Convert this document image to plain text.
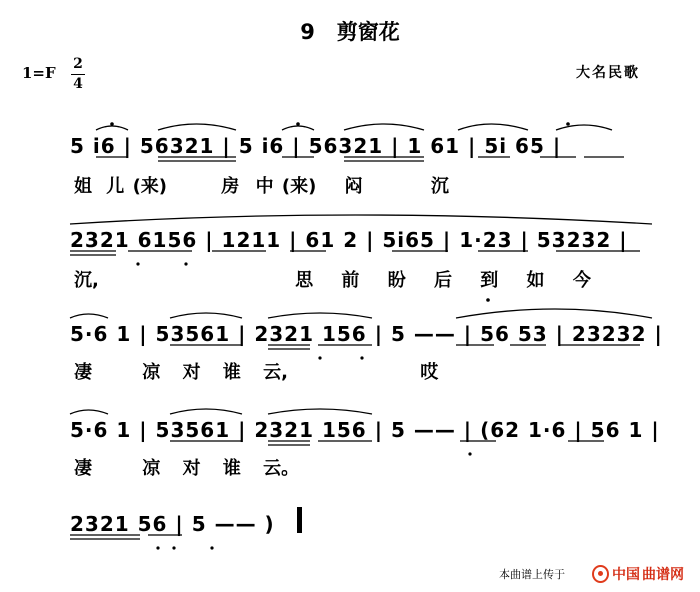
9 剪窗花
1=F 2
4
大名民歌
5 i6 | 56321 | 5 i6 | 56321 | 1 61 | 5i 65 |
姐 儿 (来)	房 中 (来) 闷	沉
2321 6156 | 1211 | 61 2 | 5i65 | 1·23 | 53232 |
沉,	思 前 盼 后 到 如 今
5·6 1 | 53561 | 2321 156 | 5 —— | 56 53 | 23232 |
凄	凉 对 谁 云,	哎
5·6 1 | 53561 | 2321 156 | 5 —— | (62 1·6 | 56 1 |
凄	凉 对 谁 云。
2321 56 | 5 —— )
本曲谱上传于	中国 曲谱网
